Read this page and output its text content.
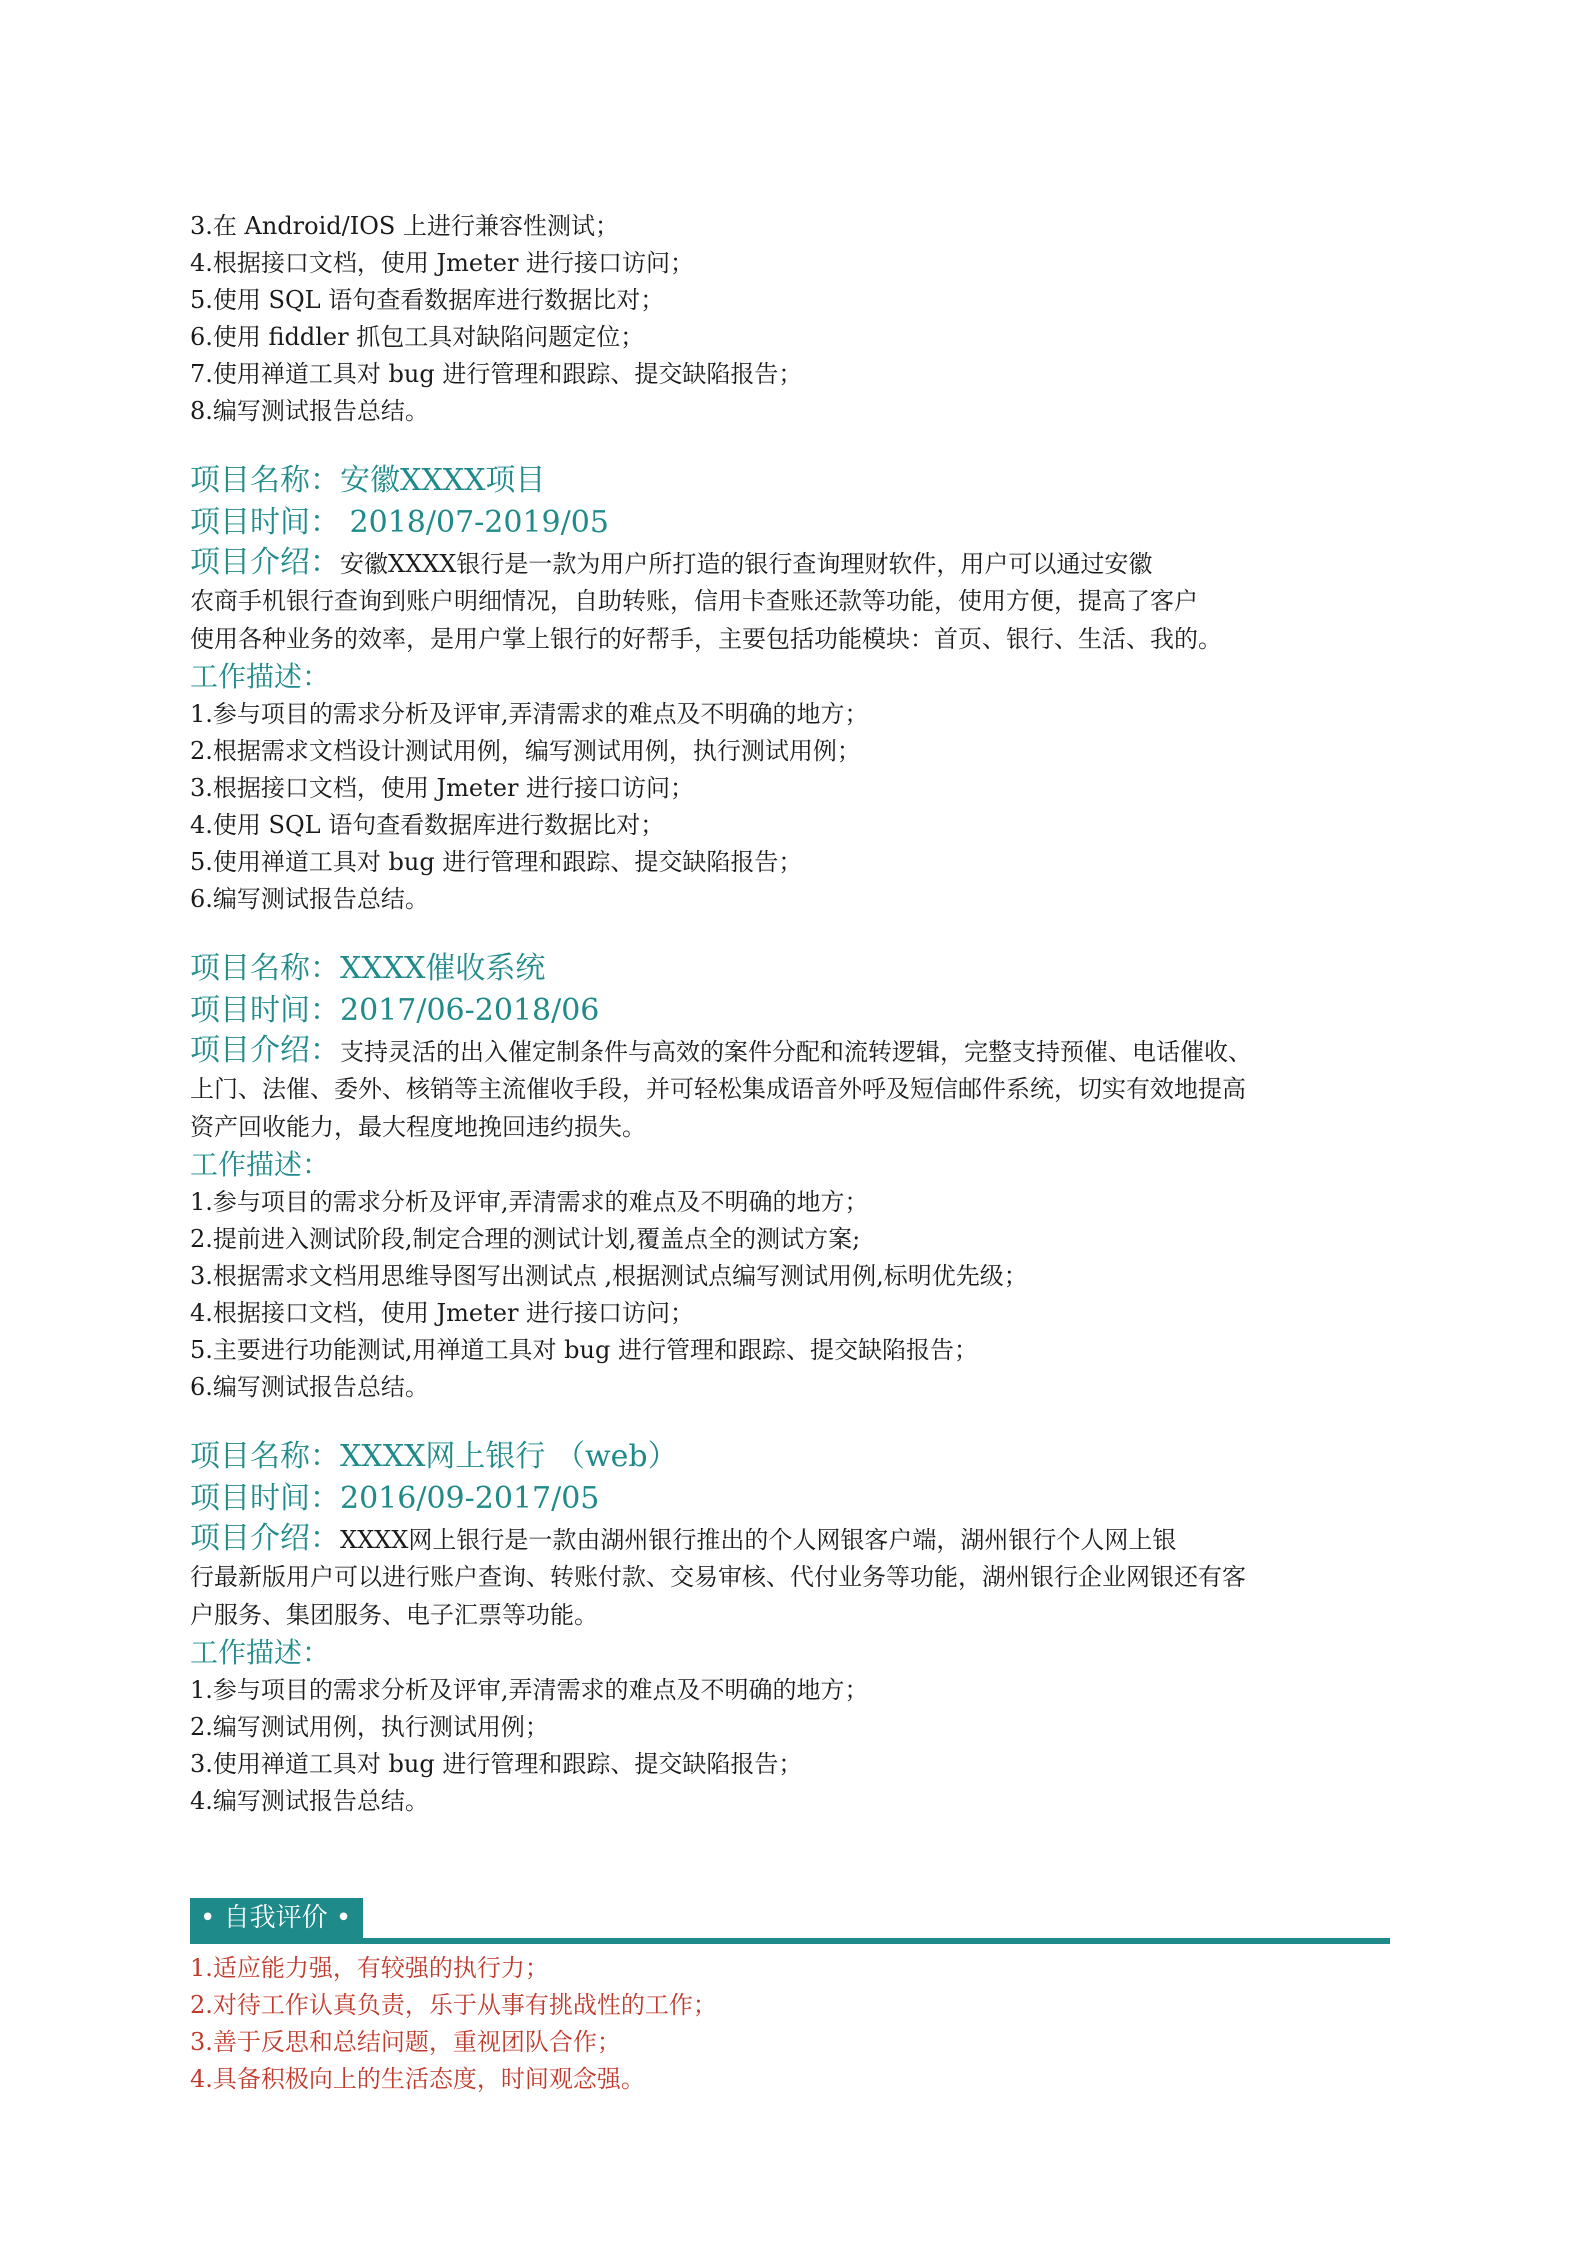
3.在 Android/IOS 上进行兼容性测试；
4.根据接口文档，使用 Jmeter 进行接口访问；
5.使用 SQL 语句查看数据库进行数据比对；
6.使用 fiddler 抓包工具对缺陷问题定位；
7.使用禅道工具对 bug 进行管理和跟踪、提交缺陷报告；
8.编写测试报告总结。
项目名称：安徽XXXX项目
项目时间： 2018/07-2019/05
项目介绍：安徽XXXX银行是一款为用户所打造的银行查询理财软件，用户可以通过安徽
农商手机银行查询到账户明细情况，自助转账，信用卡查账还款等功能，使用方便，提高了客户
使用各种业务的效率，是用户掌上银行的好帮手，主要包括功能模块：首页、银行、生活、我的。
工作描述：
1.参与项目的需求分析及评审,弄清需求的难点及不明确的地方；
2.根据需求文档设计测试用例，编写测试用例，执行测试用例；
3.根据接口文档，使用 Jmeter 进行接口访问；
4.使用 SQL 语句查看数据库进行数据比对；
5.使用禅道工具对 bug 进行管理和跟踪、提交缺陷报告；
6.编写测试报告总结。
项目名称：XXXX催收系统
项目时间：2017/06-2018/06
项目介绍：支持灵活的出入催定制条件与高效的案件分配和流转逻辑，完整支持预催、电话催收、
上门、法催、委外、核销等主流催收手段，并可轻松集成语音外呼及短信邮件系统，切实有效地提高
资产回收能力，最大程度地挽回违约损失。
工作描述：
1.参与项目的需求分析及评审,弄清需求的难点及不明确的地方；
2.提前进入测试阶段,制定合理的测试计划,覆盖点全的测试方案;
3.根据需求文档用思维导图写出测试点 ,根据测试点编写测试用例,标明优先级；
4.根据接口文档，使用 Jmeter 进行接口访问；
5.主要进行功能测试,用禅道工具对 bug 进行管理和跟踪、提交缺陷报告；
6.编写测试报告总结。
项目名称：XXXX网上银行 （web）
项目时间：2016/09-2017/05
项目介绍：XXXX网上银行是一款由湖州银行推出的个人网银客户端，湖州银行个人网上银
行最新版用户可以进行账户查询、转账付款、交易审核、代付业务等功能，湖州银行企业网银还有客
户服务、集团服务、电子汇票等功能。
工作描述：
1.参与项目的需求分析及评审,弄清需求的难点及不明确的地方；
2.编写测试用例，执行测试用例；
3.使用禅道工具对 bug 进行管理和跟踪、提交缺陷报告；
4.编写测试报告总结。
• 自我评价 •
1.适应能力强，有较强的执行力；
2.对待工作认真负责，乐于从事有挑战性的工作；
3.善于反思和总结问题，重视团队合作；
4.具备积极向上的生活态度，时间观念强。
